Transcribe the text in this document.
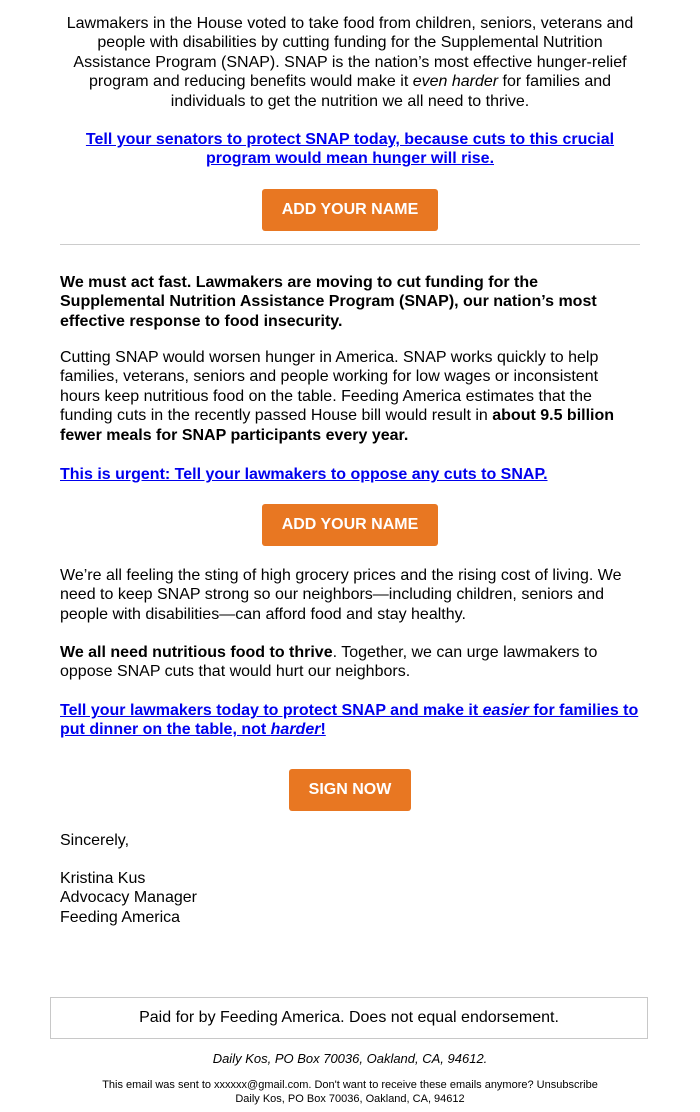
Lawmakers in the House voted to take food from children, seniors, veterans and people with disabilities by cutting funding for the Supplemental Nutrition Assistance Program (SNAP). SNAP is the nation’s most effective hunger-relief program and reducing benefits would make it even harder for families and individuals to get the nutrition we all need to thrive.

Tell your senators to protect SNAP today, because cuts to this crucial program would mean hunger will rise.

ADD YOUR NAME

We must act fast. Lawmakers are moving to cut funding for the Supplemental Nutrition Assistance Program (SNAP), our nation’s most effective response to food insecurity.

Cutting SNAP would worsen hunger in America. SNAP works quickly to help families, veterans, seniors and people working for low wages or inconsistent hours keep nutritious food on the table. Feeding America estimates that the funding cuts in the recently passed House bill would result in about 9.5 billion fewer meals for SNAP participants every year.

This is urgent: Tell your lawmakers to oppose any cuts to SNAP.

ADD YOUR NAME

We’re all feeling the sting of high grocery prices and the rising cost of living. We need to keep SNAP strong so our neighbors—including children, seniors and people with disabilities—can afford food and stay healthy.

We all need nutritious food to thrive. Together, we can urge lawmakers to oppose SNAP cuts that would hurt our neighbors.

Tell your lawmakers today to protect SNAP and make it easier for families to put dinner on the table, not harder!

SIGN NOW

Sincerely,

Kristina Kus

Advocacy Manager

Feeding America

Paid for by Feeding America. Does not equal endorsement.

Daily Kos, PO Box 70036, Oakland, CA, 94612.

This email was sent to xxxxxx@gmail.com. Don't want to receive these emails anymore? Unsubscribe

Daily Kos, PO Box 70036, Oakland, CA, 94612
